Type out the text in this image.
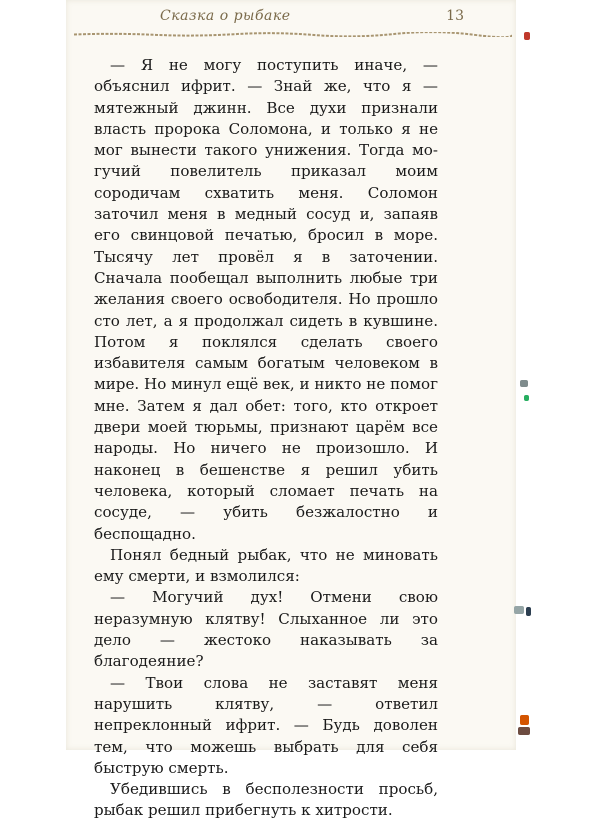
Сказка о рыбаке	13

— Я не могу поступить иначе, — объяснил ифрит. — Знай же, что я — мятежный джинн. Все духи признали власть пророка Соломона, и только я не мог вынести такого унижения. Тогда могучий повелитель приказал моим сородичам схватить меня. Соломон заточил меня в медный сосуд и, запаяв его свинцовой печатью, бросил в море. Тысячу лет провёл я в заточении. Сначала пообещал выполнить любые три желания своего освободителя. Но прошло сто лет, а я продолжал сидеть в кувшине. Потом я поклялся сделать своего избавителя самым богатым человеком в мире. Но минул ещё век, и никто не помог мне. Затем я дал обет: того, кто откроет двери моей тюрьмы, признают царём все народы. Но ничего не произошло. И наконец в бешенстве я решил убить человека, который сломает печать на сосуде, — убить безжалостно и беспощадно.

Понял бедный рыбак, что не миновать ему смерти, и взмолился:

— Могучий дух! Отмени свою неразумную клятву! Слыханное ли это дело — жестоко наказывать за благодеяние?

— Твои слова не заставят меня нарушить клятву, — ответил непреклонный ифрит. — Будь доволен тем, что можешь выбрать для себя быструю смерть.

Убедившись в бесполезности просьб, рыбак решил прибегнуть к хитрости.
